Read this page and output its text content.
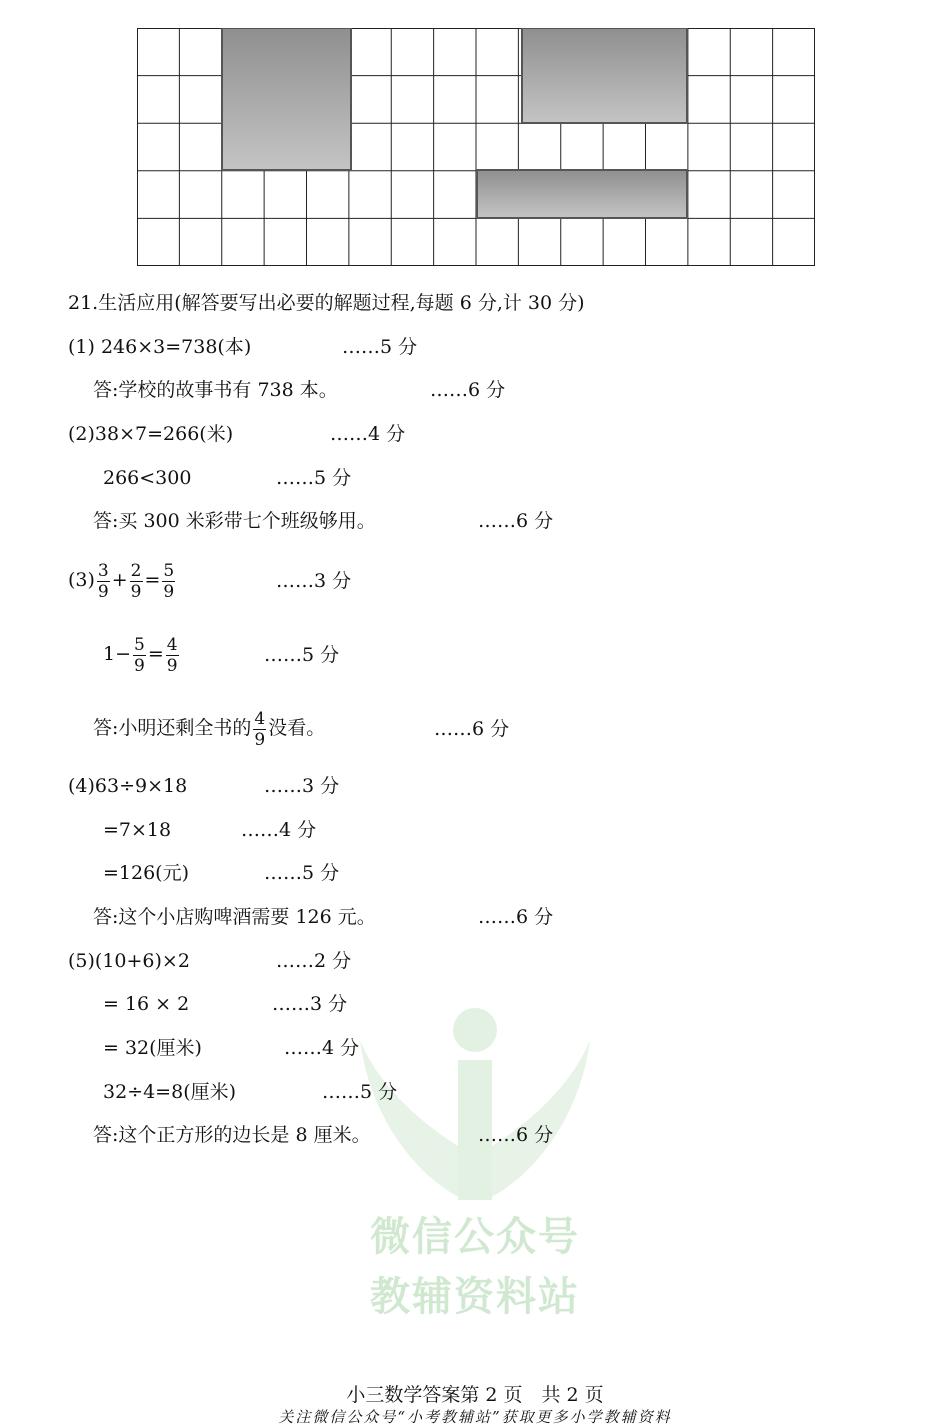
微信公众号
教辅资料站
21.生活应用(解答要写出必要的解题过程,每题 6 分,计 30 分)
(1) 246×3=738(本)	……5 分
答:学校的故事书有 738 本。	……6 分
(2)38×7=266(米)	……4 分
266<300	……5 分
答:买 300 米彩带七个班级够用。	……6 分
$(3) \frac{3}{9} + \frac{2}{9} = \frac{5}{9}$	……3 分
$1- \frac{5}{9} = \frac{4}{9}$	……5 分
答:小明还剩全书的 $\frac{4}{9}$ 没看。	……6 分
(4)63÷9×18	……3 分
=7×18	……4 分
=126(元)	……5 分
答:这个小店购啤酒需要 126 元。	……6 分
(5)(10+6)×2	……2 分
= 16 × 2	……3 分
= 32(厘米)	……4 分
32÷4=8(厘米)	……5 分
答:这个正方形的边长是 8 厘米。	……6 分
小三数学答案第 2 页　共 2 页
关注微信公众号“小考教辅站”获取更多小学教辅资料
